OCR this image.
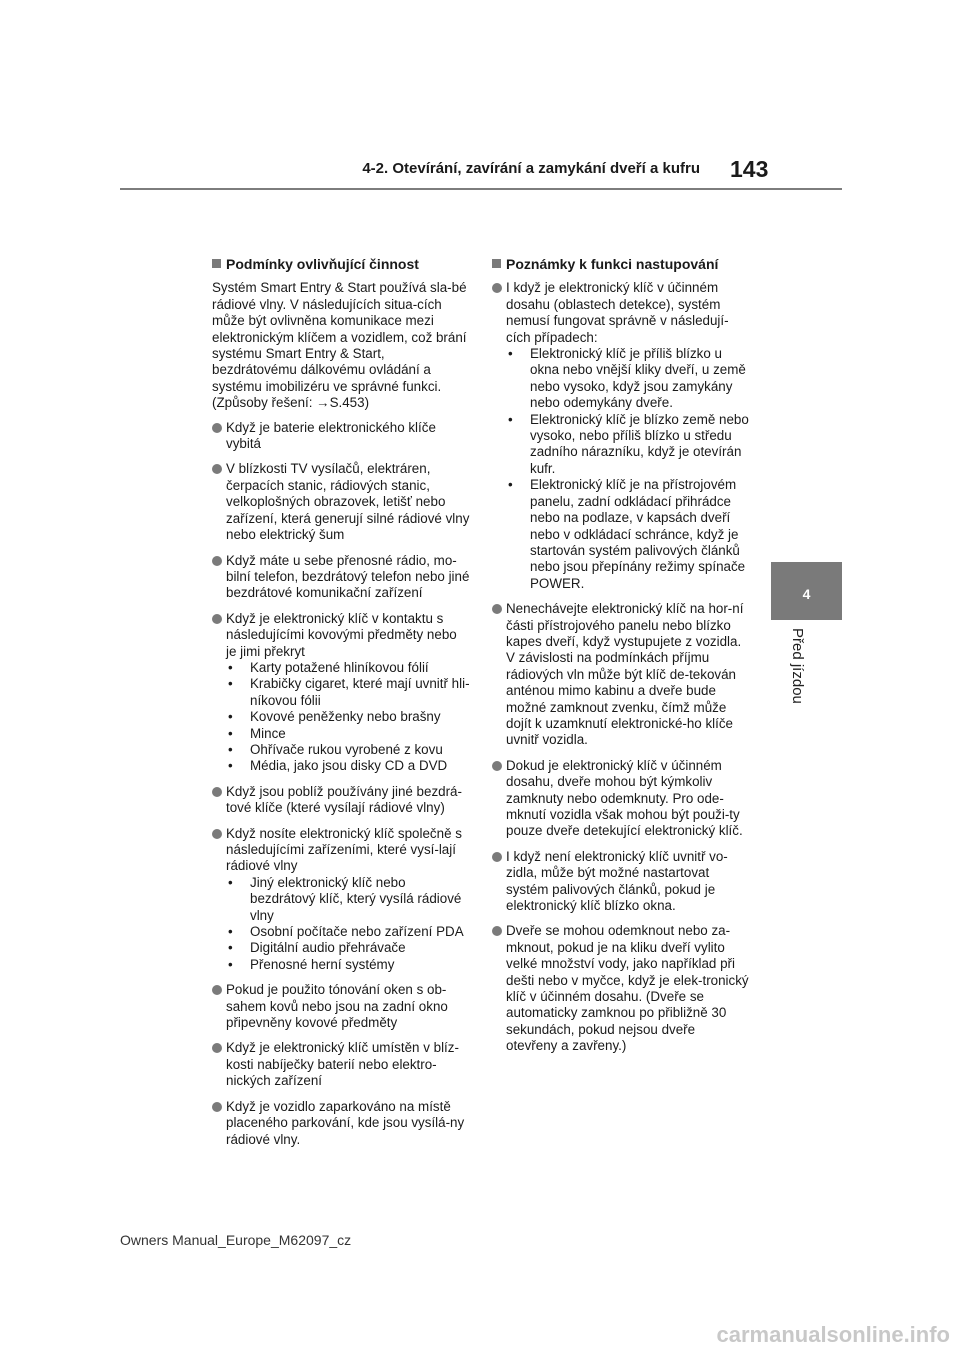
4-2. Otevírání, zavírání a zamykání dveří a kufru 143
4
Před jízdou
Podmínky ovlivňující činnost
Systém Smart Entry & Start používá sla-bé rádiové vlny. V následujících situa-cích může být ovlivněna komunikace mezi elektronickým klíčem a vozidlem, což brání systému Smart Entry & Start, bezdrátovému dálkovému ovládání a systému imobilizéru ve správné funkci. (Způsoby řešení: →S.453)
Když je baterie elektronického klíče vybitá
V blízkosti TV vysílačů, elektráren, čerpacích stanic, rádiových stanic, velkoplošných obrazovek, letišť nebo zařízení, která generují silné rádiové vlny nebo elektrický šum
Když máte u sebe přenosné rádio, mo-bilní telefon, bezdrátový telefon nebo jiné bezdrátové komunikační zařízení
Když je elektronický klíč v kontaktu s následujícími kovovými předměty nebo je jimi překryt
• Karty potažené hliníkovou fólií
• Krabičky cigaret, které mají uvnitř hli-níkovou fólii
• Kovové peněženky nebo brašny
• Mince
• Ohřívače rukou vyrobené z kovu
• Média, jako jsou disky CD a DVD
Když jsou poblíž používány jiné bezdrá-tové klíče (které vysílají rádiové vlny)
Když nosíte elektronický klíč společně s následujícími zařízeními, které vysí-lají rádiové vlny
• Jiný elektronický klíč nebo bezdrátový klíč, který vysílá rádiové vlny
• Osobní počítače nebo zařízení PDA
• Digitální audio přehrávače
• Přenosné herní systémy
Pokud je použito tónování oken s ob-sahem kovů nebo jsou na zadní okno připevněny kovové předměty
Když je elektronický klíč umístěn v blíz-kosti nabíječky baterií nebo elektro-nických zařízení
Když je vozidlo zaparkováno na místě placeného parkování, kde jsou vysílá-ny rádiové vlny.
Poznámky k funkci nastupování
I když je elektronický klíč v účinném dosahu (oblastech detekce), systém nemusí fungovat správně v následují-cích případech:
• Elektronický klíč je příliš blízko u okna nebo vnější kliky dveří, u země nebo vysoko, když jsou zamykány nebo odemykány dveře.
• Elektronický klíč je blízko země nebo vysoko, nebo příliš blízko u středu zadního nárazníku, když je otevírán kufr.
• Elektronický klíč je na přístrojovém panelu, zadní odkládací přihrádce nebo na podlaze, v kapsách dveří nebo v odkládací schránce, když je startován systém palivových článků nebo jsou přepínány režimy spínače POWER.
Nenechávejte elektronický klíč na hor-ní části přístrojového panelu nebo blízko kapes dveří, když vystupujete z vozidla. V závislosti na podmínkách příjmu rádiových vln může být klíč de-tekován anténou mimo kabinu a dveře bude možné zamknout zvenku, čímž může dojít k uzamknutí elektronické-ho klíče uvnitř vozidla.
Dokud je elektronický klíč v účinném dosahu, dveře mohou být kýmkoliv zamknuty nebo odemknuty. Pro ode-mknutí vozidla však mohou být použi-ty pouze dveře detekující elektronický klíč.
I když není elektronický klíč uvnitř vo-zidla, může být možné nastartovat systém palivových článků, pokud je elektronický klíč blízko okna.
Dveře se mohou odemknout nebo za-mknout, pokud je na kliku dveří vylito velké množství vody, jako například při dešti nebo v myčce, když je elek-tronický klíč v účinném dosahu. (Dveře se automaticky zamknou po přibližně 30 sekundách, pokud nejsou dveře otevřeny a zavřeny.)
Owners Manual_Europe_M62097_cz
carmanualsonline.info
